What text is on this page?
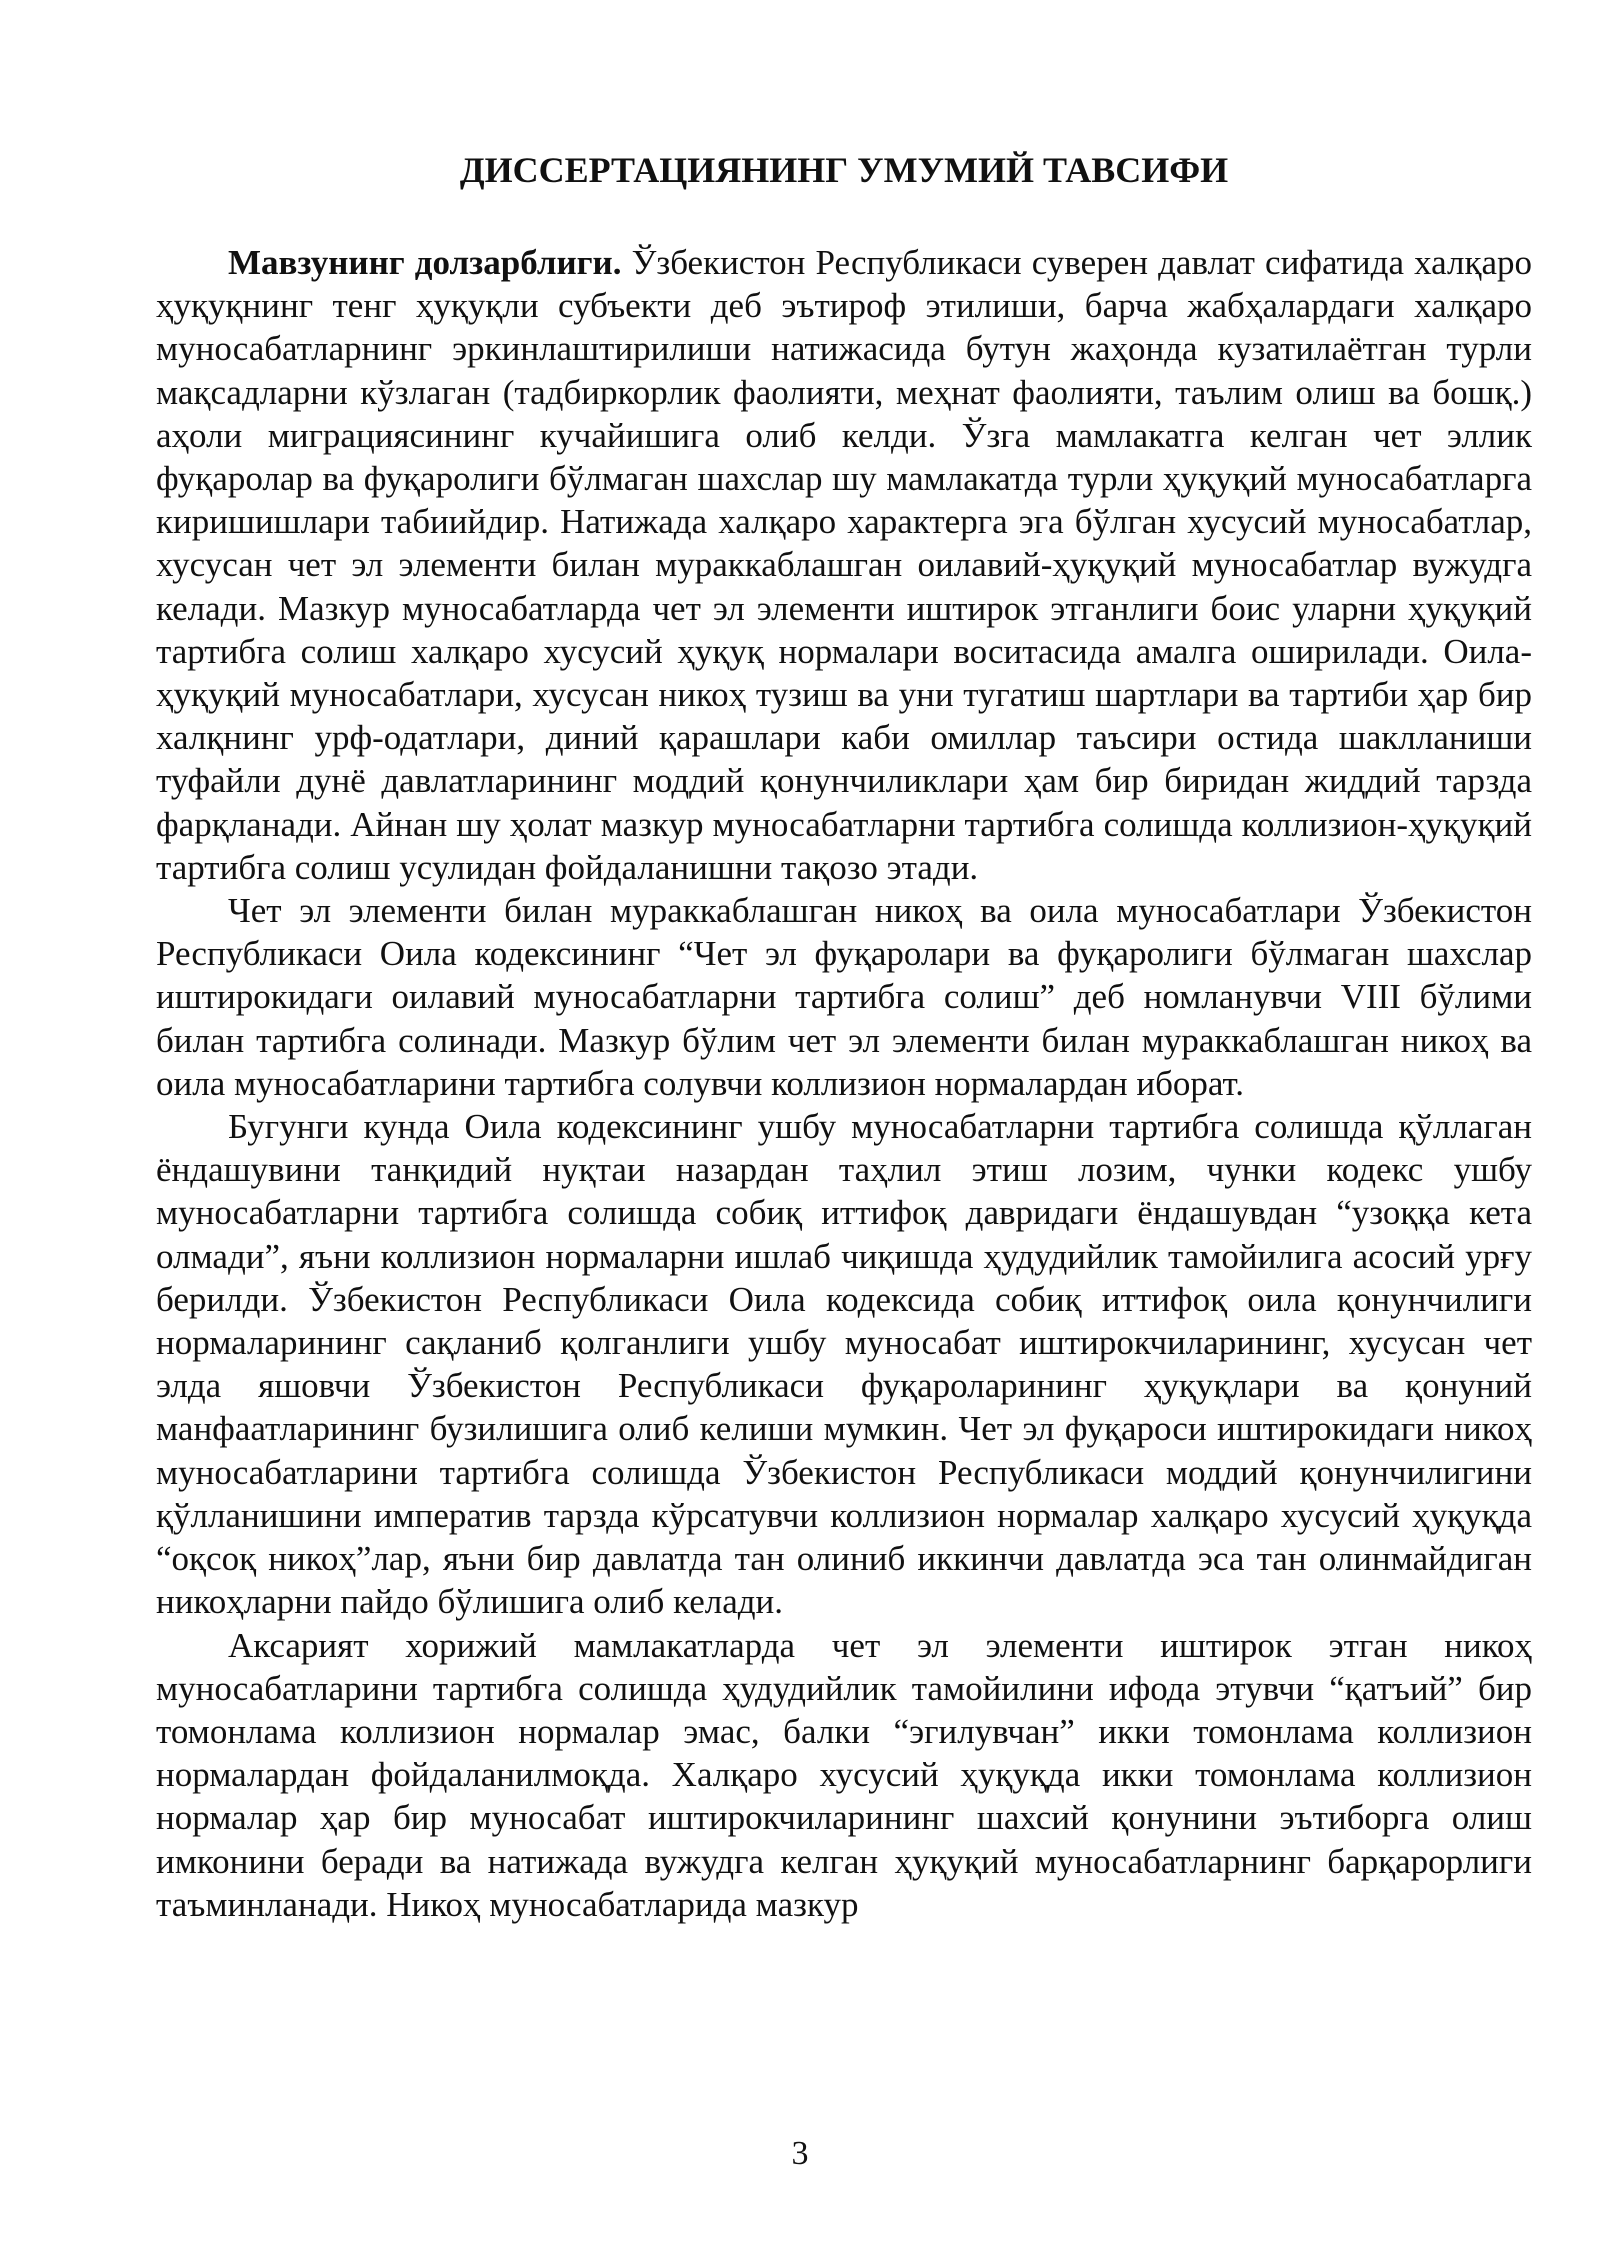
ДИССЕРТАЦИЯНИНГ УМУМИЙ ТАВСИФИ

Мавзунинг долзарблиги. Ўзбекистон Республикаси суверен давлат сифатида халқаро ҳуқуқнинг тенг ҳуқуқли субъекти деб эътироф этилиши, барча жабҳалардаги халқаро муносабатларнинг эркинлаштирилиши натижасида бутун жаҳонда кузатилаётган турли мақсадларни кўзлаган (тадбиркорлик фаолияти, меҳнат фаолияти, таълим олиш ва бошқ.) аҳоли миграциясининг кучайишига олиб келди. Ўзга мамлакатга келган чет эллик фуқаролар ва фуқаролиги бўлмаган шахслар шу мамлакатда турли ҳуқуқий муносабатларга киришишлари табиийдир. Натижада халқаро характерга эга бўлган хусусий муносабатлар, хусусан чет эл элементи билан мураккаблашган оилавий-ҳуқуқий муносабатлар вужудга келади. Мазкур муносабатларда чет эл элементи иштирок этганлиги боис уларни ҳуқуқий тартибга солиш халқаро хусусий ҳуқуқ нормалари воситасида амалга оширилади. Оила-ҳуқуқий муносабатлари, хусусан никоҳ тузиш ва уни тугатиш шартлари ва тартиби ҳар бир халқнинг урф-одатлари, диний қарашлари каби омиллар таъсири остида шаклланиши туфайли дунё давлатларининг моддий қонунчиликлари ҳам бир биридан жиддий тарзда фарқланади. Айнан шу ҳолат мазкур муносабатларни тартибга солишда коллизион-ҳуқуқий тартибга солиш усулидан фойдаланишни тақозо этади.

Чет эл элементи билан мураккаблашган никоҳ ва оила муносабатлари Ўзбекистон Республикаси Оила кодексининг “Чет эл фуқаролари ва фуқаролиги бўлмаган шахслар иштирокидаги оилавий муносабатларни тартибга солиш” деб номланувчи VIII бўлими билан тартибга солинади. Мазкур бўлим чет эл элементи билан мураккаблашган никоҳ ва оила муносабатларини тартибга солувчи коллизион нормалардан иборат.

Бугунги кунда Оила кодексининг ушбу муносабатларни тартибга солишда қўллаган ёндашувини танқидий нуқтаи назардан таҳлил этиш лозим, чунки кодекс ушбу муносабатларни тартибга солишда собиқ иттифоқ давридаги ёндашувдан “узоққа кета олмади”, яъни коллизион нормаларни ишлаб чиқишда ҳудудийлик тамойилига асосий урғу берилди. Ўзбекистон Республикаси Оила кодексида собиқ иттифоқ оила қонунчилиги нормаларининг сақланиб қолганлиги ушбу муносабат иштирокчиларининг, хусусан чет элда яшовчи Ўзбекистон Республикаси фуқароларининг ҳуқуқлари ва қонуний манфаатларининг бузилишига олиб келиши мумкин. Чет эл фуқароси иштирокидаги никоҳ муносабатларини тартибга солишда Ўзбекистон Республикаси моддий қонунчилигини қўлланишини императив тарзда кўрсатувчи коллизион нормалар халқаро хусусий ҳуқуқда “оқсоқ никоҳ”лар, яъни бир давлатда тан олиниб иккинчи давлатда эса тан олинмайдиган никоҳларни пайдо бўлишига олиб келади.

Аксарият хорижий мамлакатларда чет эл элементи иштирок этган никоҳ муносабатларини тартибга солишда ҳудудийлик тамойилини ифода этувчи “қатъий” бир томонлама коллизион нормалар эмас, балки “эгилувчан” икки томонлама коллизион нормалардан фойдаланилмоқда. Халқаро хусусий ҳуқуқда икки томонлама коллизион нормалар ҳар бир муносабат иштирокчиларининг шахсий қонунини эътиборга олиш имконини беради ва натижада вужудга келган ҳуқуқий муносабатларнинг барқарорлиги таъминланади. Никоҳ муносабатларида мазкур

3
